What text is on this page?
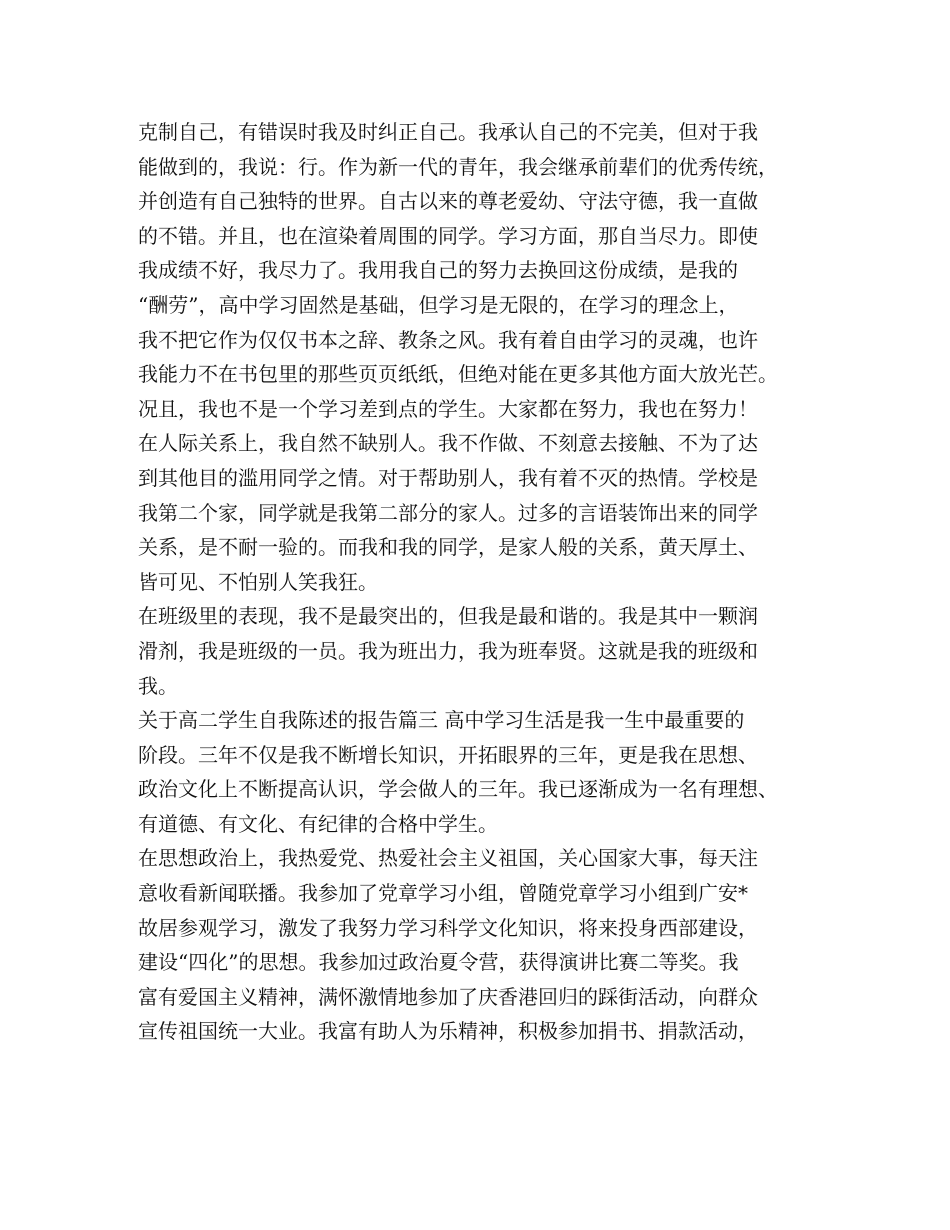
克制自己，有错误时我及时纠正自己。我承认自己的不完美，但对于我
能做到的，我说：行。作为新一代的青年，我会继承前辈们的优秀传统，
并创造有自己独特的世界。自古以来的尊老爱幼、守法守德，我一直做
的不错。并且，也在渲染着周围的同学。学习方面，那自当尽力。即使
我成绩不好，我尽力了。我用我自己的努力去换回这份成绩，是我的
“酬劳”，高中学习固然是基础，但学习是无限的，在学习的理念上，
我不把它作为仅仅书本之辞、教条之风。我有着自由学习的灵魂，也许
我能力不在书包里的那些页页纸纸，但绝对能在更多其他方面大放光芒。
况且，我也不是一个学习差到点的学生。大家都在努力，我也在努力！
在人际关系上，我自然不缺别人。我不作做、不刻意去接触、不为了达
到其他目的滥用同学之情。对于帮助别人，我有着不灭的热情。学校是
我第二个家，同学就是我第二部分的家人。过多的言语装饰出来的同学
关系，是不耐一验的。而我和我的同学，是家人般的关系，黄天厚土、
皆可见、不怕别人笑我狂。
在班级里的表现，我不是最突出的，但我是最和谐的。我是其中一颗润
滑剂，我是班级的一员。我为班出力，我为班奉贤。这就是我的班级和
我。
关于高二学生自我陈述的报告篇三 高中学习生活是我一生中最重要的
阶段。三年不仅是我不断增长知识，开拓眼界的三年，更是我在思想、
政治文化上不断提高认识，学会做人的三年。我已逐渐成为一名有理想、
有道德、有文化、有纪律的合格中学生。
在思想政治上，我热爱党、热爱社会主义祖国，关心国家大事，每天注
意收看新闻联播。我参加了党章学习小组，曾随党章学习小组到广安*
故居参观学习，激发了我努力学习科学文化知识，将来投身西部建设，
建设“四化”的思想。我参加过政治夏令营，获得演讲比赛二等奖。我
富有爱国主义精神，满怀激情地参加了庆香港回归的踩街活动，向群众
宣传祖国统一大业。我富有助人为乐精神，积极参加捐书、捐款活动，
